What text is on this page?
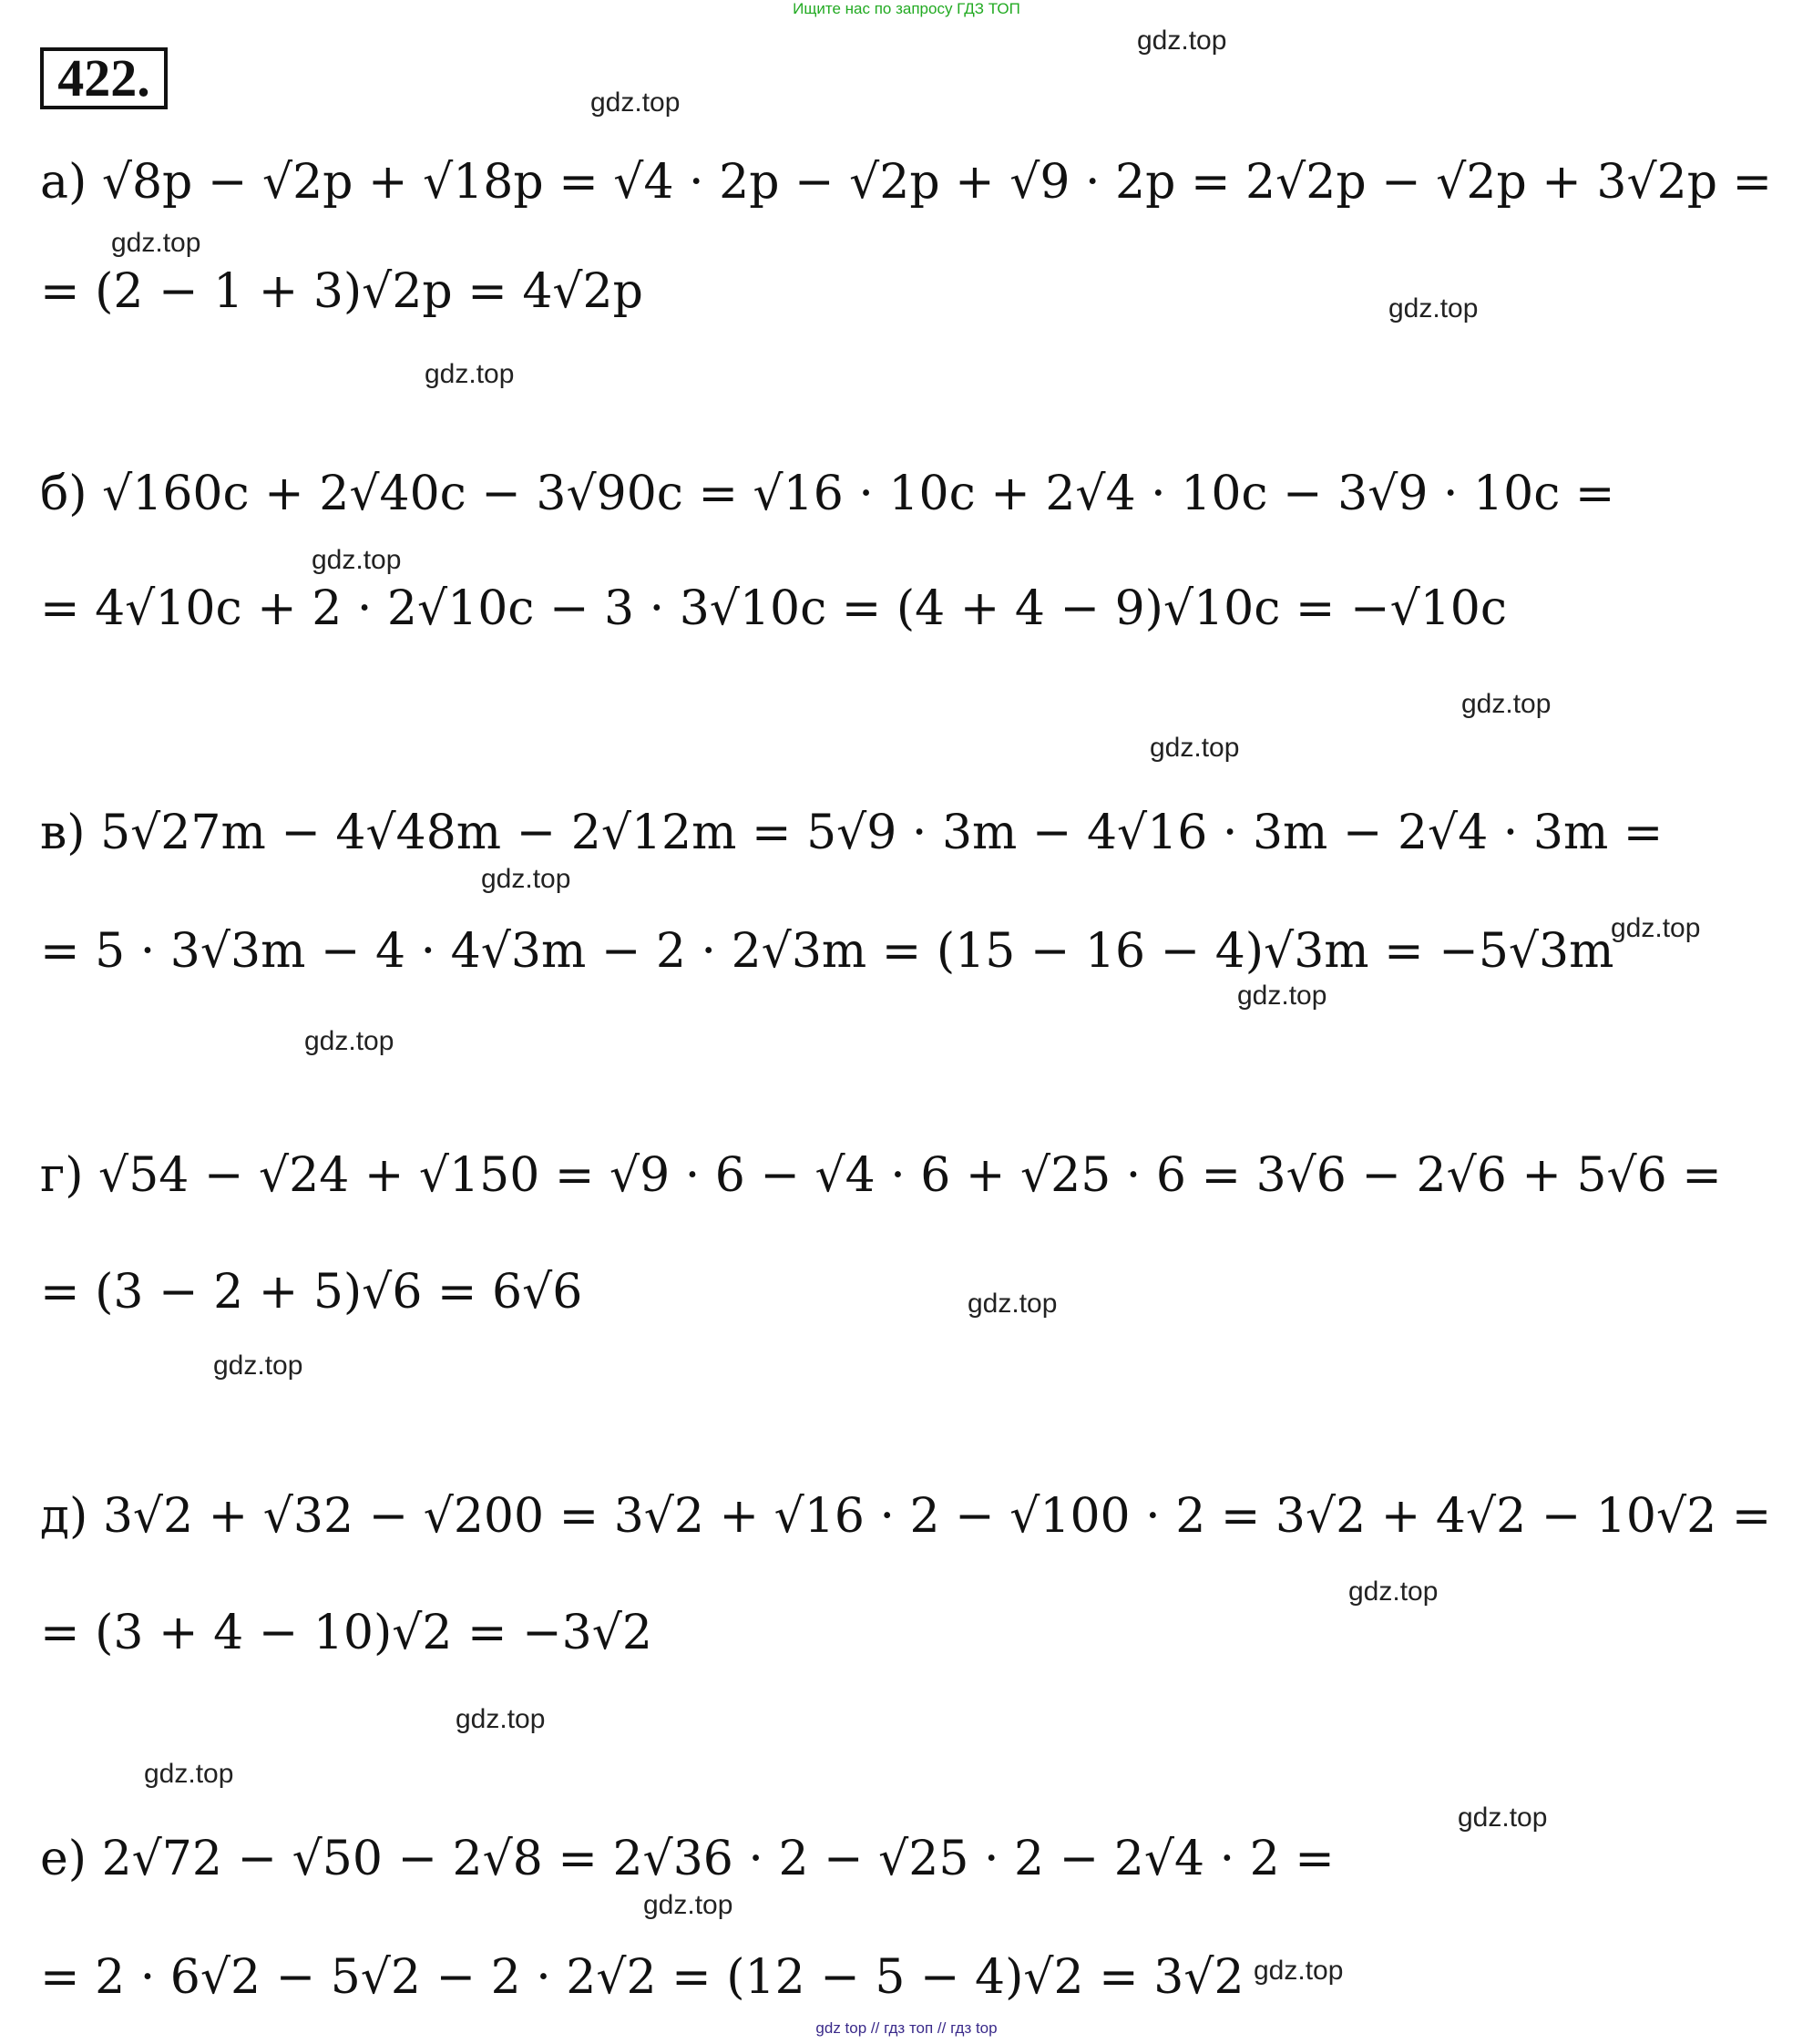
Ищите нас по запросу ГДЗ ТОП
422.
а) √8p − √2p + √18p = √4 · 2p − √2p + √9 · 2p = 2√2p − √2p + 3√2p =
= (2 − 1 + 3)√2p = 4√2p
б) √160c + 2√40c − 3√90c = √16 · 10c + 2√4 · 10c − 3√9 · 10c =
= 4√10c + 2 · 2√10c − 3 · 3√10c = (4 + 4 − 9)√10c = −√10c
в) 5√27m − 4√48m − 2√12m = 5√9 · 3m − 4√16 · 3m − 2√4 · 3m =
= 5 · 3√3m − 4 · 4√3m − 2 · 2√3m = (15 − 16 − 4)√3m = −5√3m
г) √54 − √24 + √150 = √9 · 6 − √4 · 6 + √25 · 6 = 3√6 − 2√6 + 5√6 =
= (3 − 2 + 5)√6 = 6√6
д) 3√2 + √32 − √200 = 3√2 + √16 · 2 − √100 · 2 = 3√2 + 4√2 − 10√2 =
= (3 + 4 − 10)√2 = −3√2
е) 2√72 − √50 − 2√8 = 2√36 · 2 − √25 · 2 − 2√4 · 2 =
= 2 · 6√2 − 5√2 − 2 · 2√2 = (12 − 5 − 4)√2 = 3√2
gdz.top
gdz.top
gdz.top
gdz.top
gdz.top
gdz.top
gdz.top
gdz.top
gdz.top
gdz.top
gdz.top
gdz.top
gdz.top
gdz.top
gdz.top
gdz.top
gdz.top
gdz.top
gdz.top
gdz.top
gdz top // гдз топ // гдз top
